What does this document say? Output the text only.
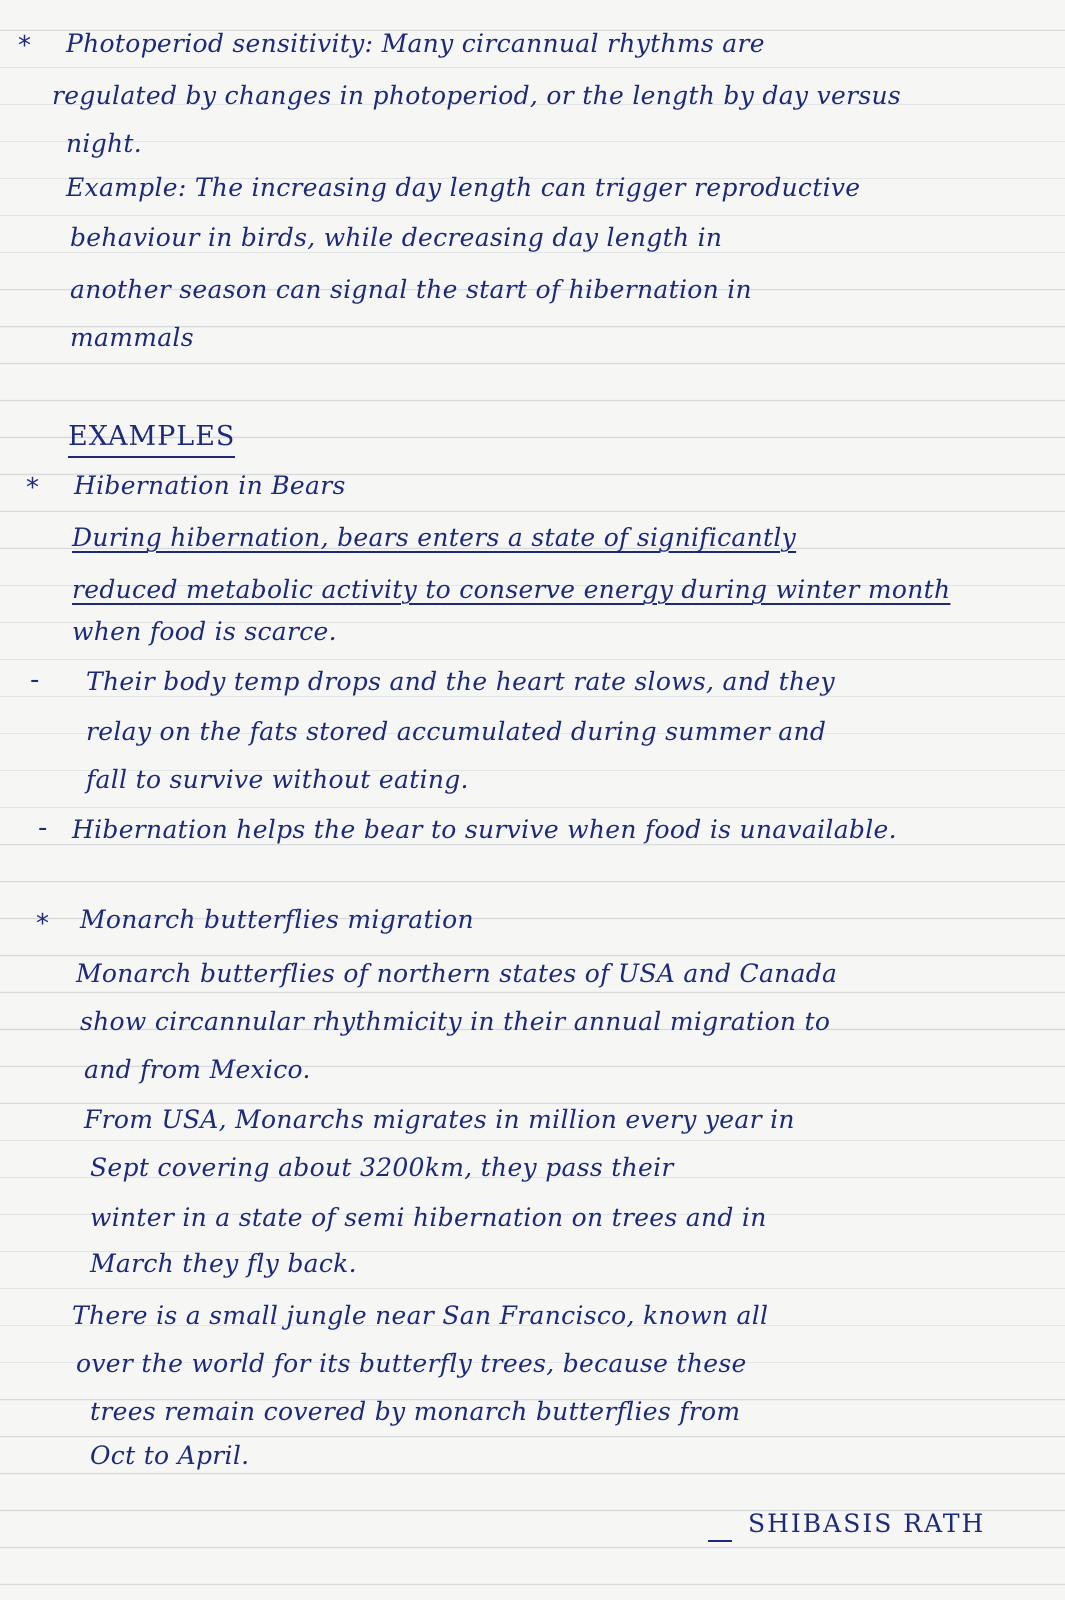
* Photoperiod sensitivity: Many circannual rhythms are
regulated by changes in photoperiod, or the length by day versus
night.
Example: The increasing day length can trigger reproductive
behaviour in birds, while decreasing day length in
another season can signal the start of hibernation in
mammals
EXAMPLES
* Hibernation in Bears
During hibernation, bears enters a state of significantly
reduced metabolic activity to conserve energy during winter month
when food is scarce.
- Their body temp drops and the heart rate slows, and they
relay on the fats stored accumulated during summer and
fall to survive without eating.
- Hibernation helps the bear to survive when food is unavailable.
* Monarch butterflies migration
Monarch butterflies of northern states of USA and Canada
show circannular rhythmicity in their annual migration to
and from Mexico.
From USA, Monarchs migrates in million every year in
Sept covering about 3200km, they pass their
winter in a state of semi hibernation on trees and in
March they fly back.
There is a small jungle near San Francisco, known all
over the world for its butterfly trees, because these
trees remain covered by monarch butterflies from
Oct to April.
SHIBASIS RATH
